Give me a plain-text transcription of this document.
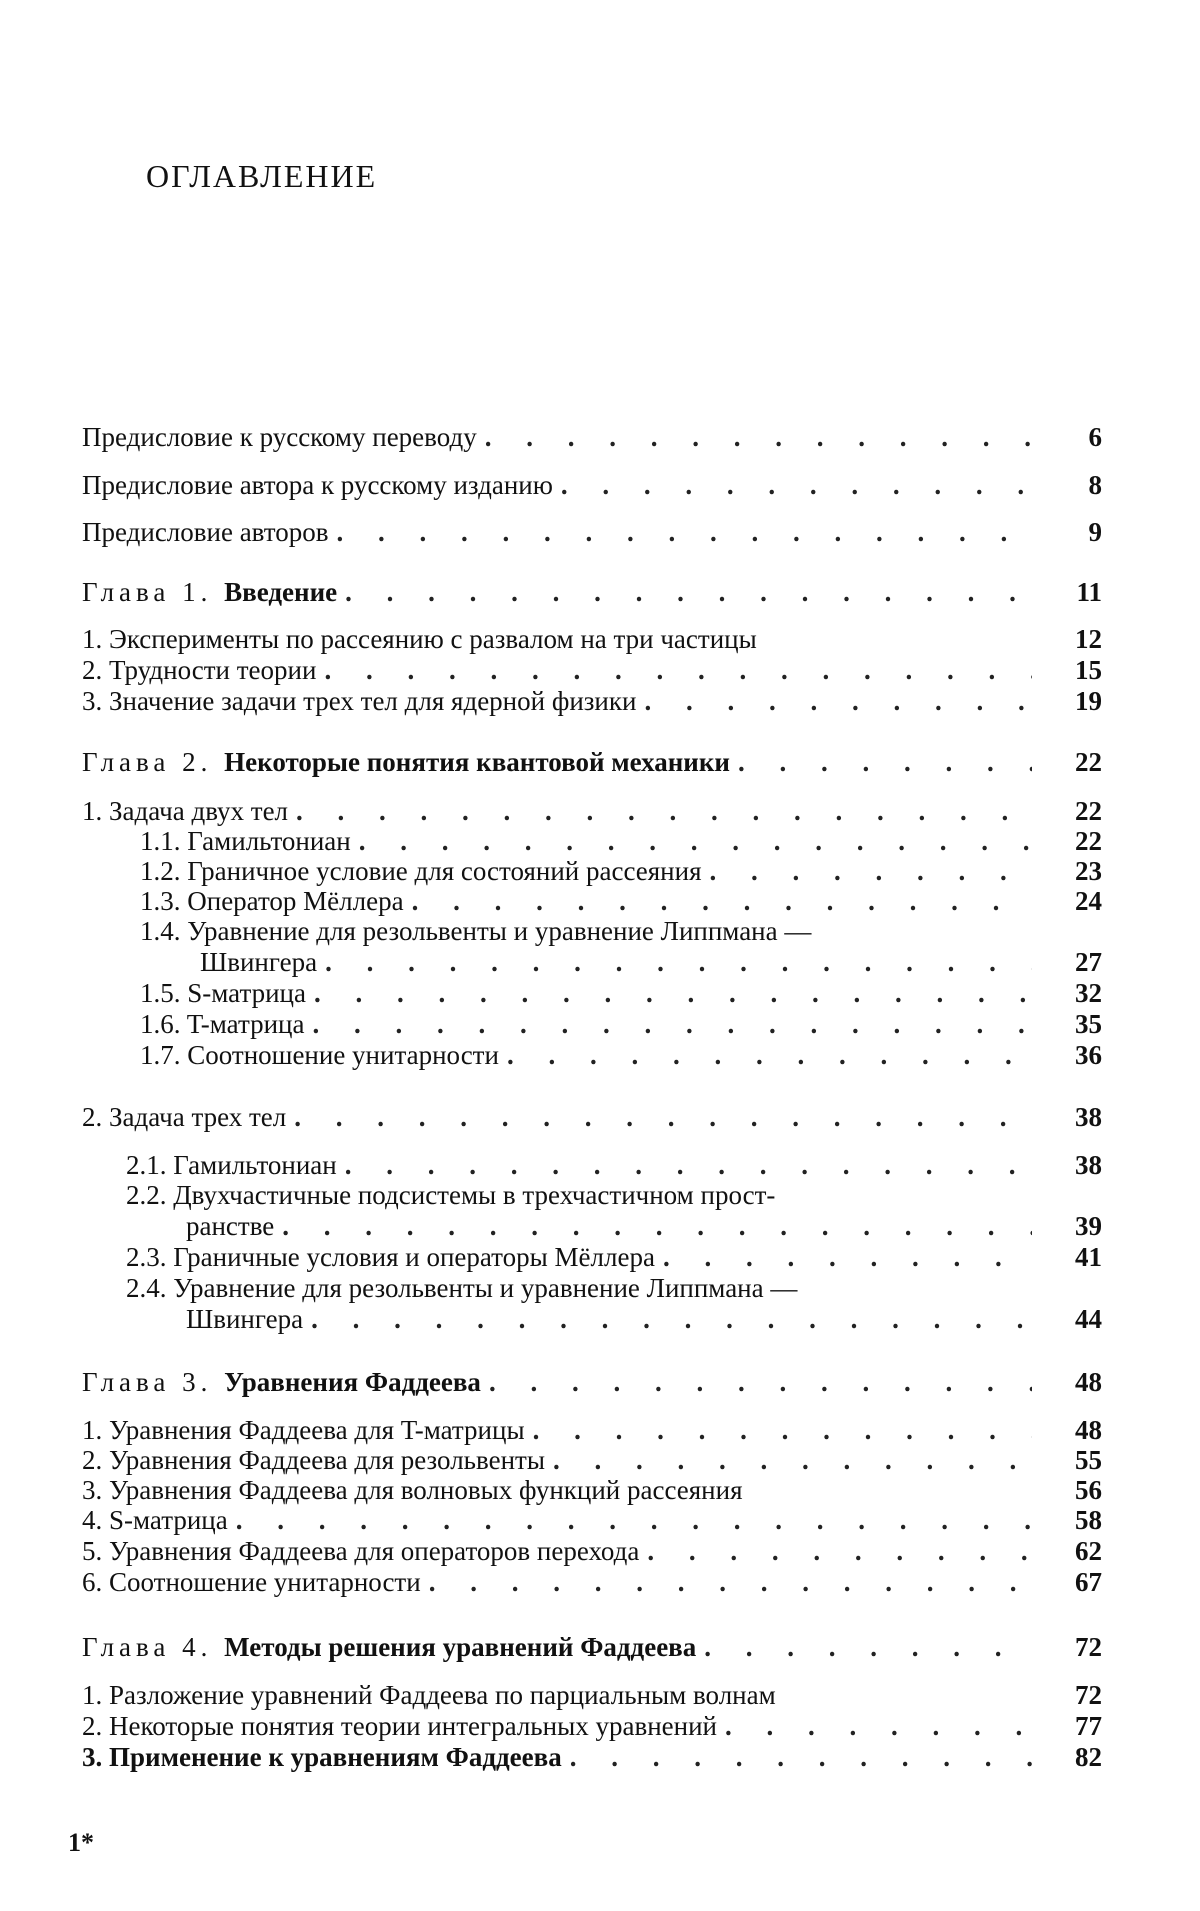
ОГЛАВЛЕНИЕ
Предисловие к русскому переводу . . .	6
Предисловие автора к русскому изданию . . .	8
Предисловие авторов . . .	9
Глава 1. Введение . . .	11
1. Эксперименты по рассеянию с развалом на три частицы	12
2. Трудности теории . . .	15
3. Значение задачи трех тел для ядерной физики . . .	19
Глава 2. Некоторые понятия квантовой механики . . .	22
1. Задача двух тел . . .	22
1.1. Гамильтониан . . .	22
1.2. Граничное условие для состояний рассеяния . . .	23
1.3. Оператор Мёллера . . .	24
1.4. Уравнение для резольвенты и уравнение Липпмана —
Швингера . . .	27
1.5. S-матрица . . .	32
1.6. T-матрица . . .	35
1.7. Соотношение унитарности . . .	36
2. Задача трех тел . . .	38
2.1. Гамильтониан . . .	38
2.2. Двухчастичные подсистемы в трехчастичном прост-
ранстве . . .	39
2.3. Граничные условия и операторы Мёллера . . .	41
2.4. Уравнение для резольвенты и уравнение Липпмана —
Швингера . . .	44
Глава 3. Уравнения Фаддеева . . .	48
1. Уравнения Фаддеева для T-матрицы . . .	48
2. Уравнения Фаддеева для резольвенты . . .	55
3. Уравнения Фаддеева для волновых функций рассеяния	56
4. S-матрица . . .	58
5. Уравнения Фаддеева для операторов перехода . . .	62
6. Соотношение унитарности . . .	67
Глава 4. Методы решения уравнений Фаддеева . . .	72
1. Разложение уравнений Фаддеева по парциальным волнам	72
2. Некоторые понятия теории интегральных уравнений . . .	77
3. Применение к уравнениям Фаддеева . . .	82
1*
